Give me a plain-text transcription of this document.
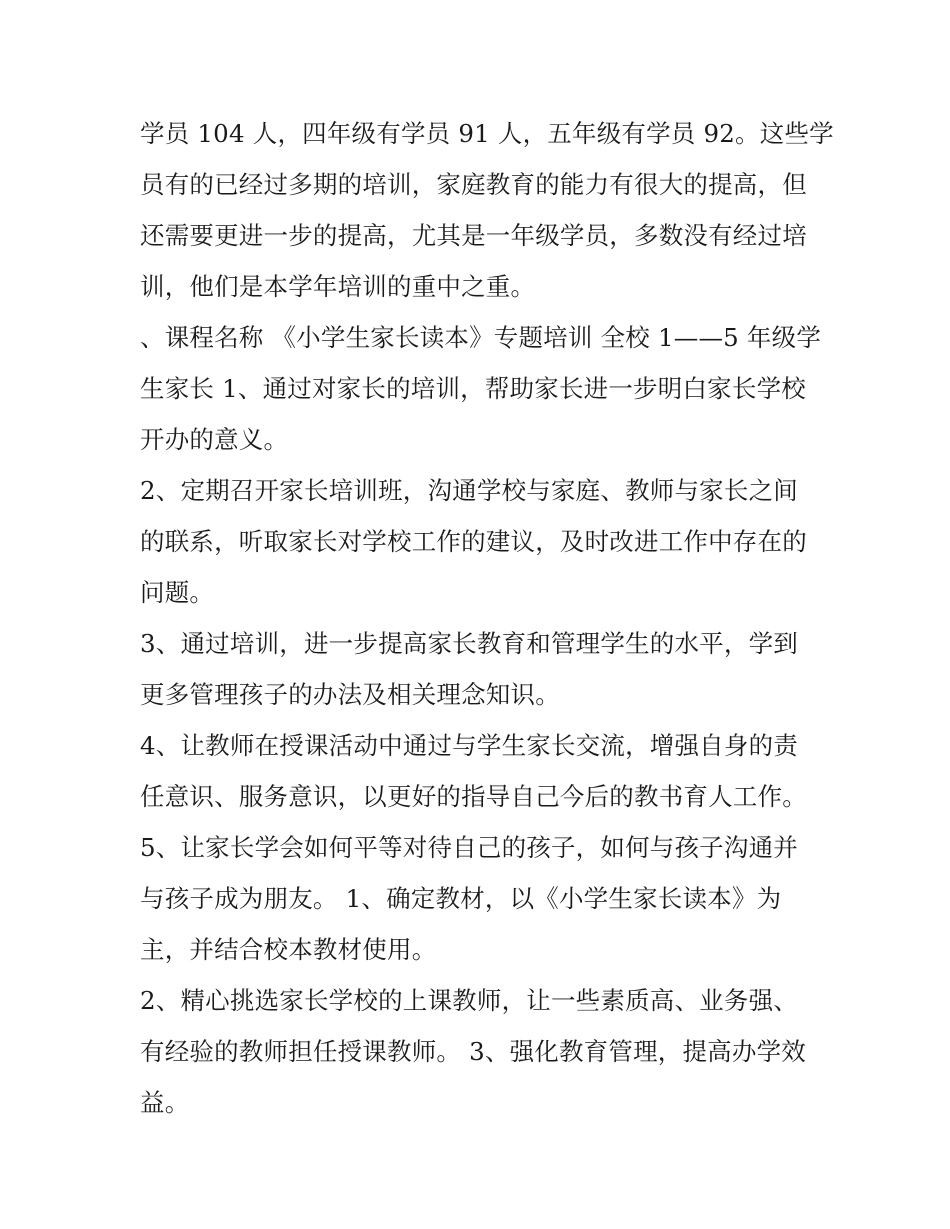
学员 104 人，四年级有学员 91 人，五年级有学员 92。这些学
员有的已经过多期的培训，家庭教育的能力有很大的提高，但
还需要更进一步的提高，尤其是一年级学员，多数没有经过培
训，他们是本学年培训的重中之重。

、课程名称 《小学生家长读本》专题培训 全校 1——5 年级学
生家长 1、通过对家长的培训，帮助家长进一步明白家长学校
开办的意义。

2、定期召开家长培训班，沟通学校与家庭、教师与家长之间
的联系，听取家长对学校工作的建议，及时改进工作中存在的
问题。

3、通过培训，进一步提高家长教育和管理学生的水平，学到
更多管理孩子的办法及相关理念知识。

4、让教师在授课活动中通过与学生家长交流，增强自身的责
任意识、服务意识，以更好的指导自己今后的教书育人工作。

5、让家长学会如何平等对待自己的孩子，如何与孩子沟通并
与孩子成为朋友。 1、确定教材，以《小学生家长读本》为
主，并结合校本教材使用。

2、精心挑选家长学校的上课教师，让一些素质高、业务强、
有经验的教师担任授课教师。 3、强化教育管理，提高办学效
益。
